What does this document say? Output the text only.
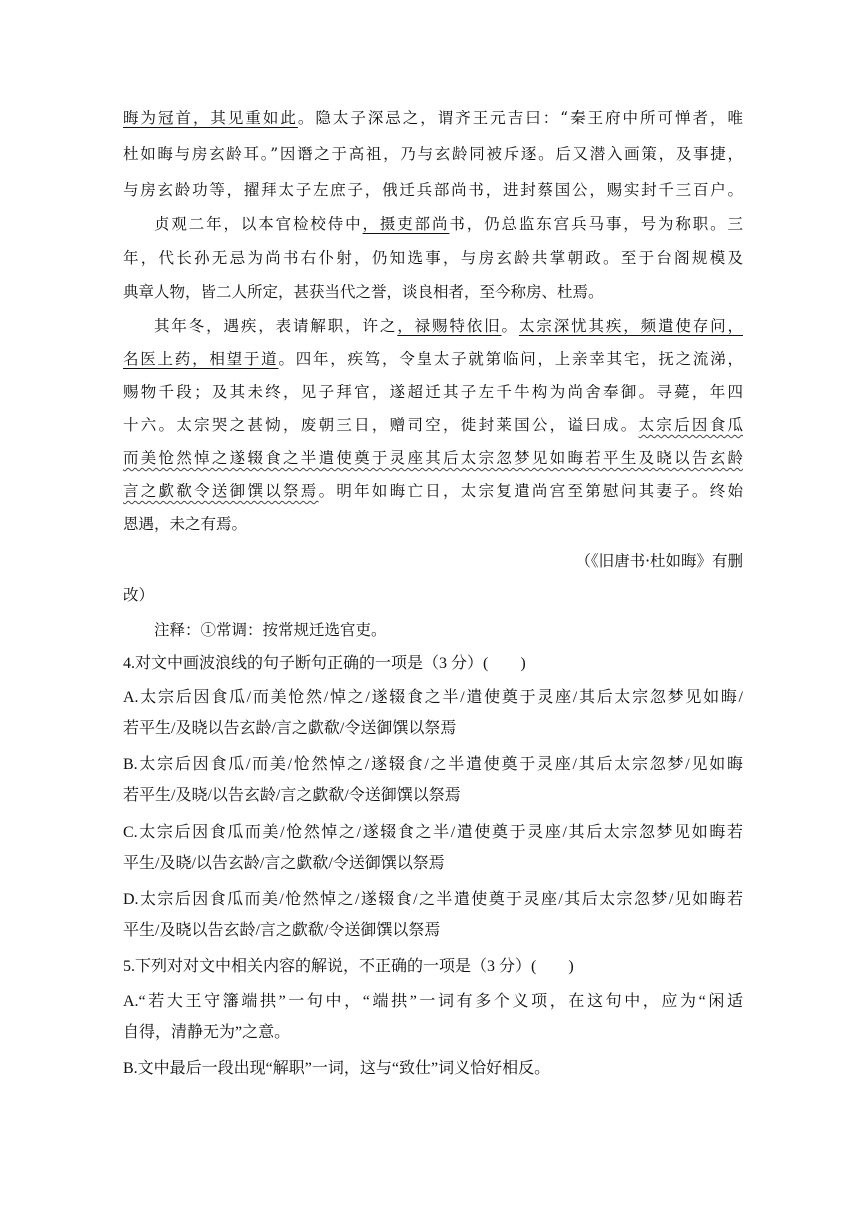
晦为冠首，其见重如此。隐太子深忌之，谓齐王元吉曰：“秦王府中所可惮者，唯
杜如晦与房玄龄耳。”因谮之于高祖，乃与玄龄同被斥逐。后又潜入画策，及事捷，
与房玄龄功等，擢拜太子左庶子，俄迁兵部尚书，进封蔡国公，赐实封千三百户。
贞观二年，以本官检校侍中，摄吏部尚书，仍总监东宫兵马事，号为称职。三
年，代长孙无忌为尚书右仆射，仍知选事，与房玄龄共掌朝政。至于台阁规模及
典章人物，皆二人所定，甚获当代之誉，谈良相者，至今称房、杜焉。
其年冬，遇疾，表请解职，许之，禄赐特依旧。太宗深忧其疾，频遣使存问，
名医上药，相望于道。四年，疾笃，令皇太子就第临问，上亲幸其宅，抚之流涕，
赐物千段；及其未终，见子拜官，遂超迁其子左千牛构为尚舍奉御。寻薨，年四
十六。太宗哭之甚恸，废朝三日，赠司空，徙封莱国公，谥曰成。太宗后因食瓜
而美怆然悼之遂辍食之半遣使奠于灵座其后太宗忽梦见如晦若平生及晓以告玄龄
言之歔欷令送御馔以祭焉。明年如晦亡日，太宗复遣尚宫至第慰问其妻子。终始
恩遇，未之有焉。
（《旧唐书·杜如晦》有删
改）
注释：①常调：按常规迁选官吏。
4.对文中画波浪线的句子断句正确的一项是（3 分）(　　)
A.太宗后因食瓜/而美怆然/悼之/遂辍食之半/遣使奠于灵座/其后太宗忽梦见如晦/
若平生/及晓以告玄龄/言之歔欷/令送御馔以祭焉
B.太宗后因食瓜/而美/怆然悼之/遂辍食/之半遣使奠于灵座/其后太宗忽梦/见如晦
若平生/及晓/以告玄龄/言之歔欷/令送御馔以祭焉
C.太宗后因食瓜而美/怆然悼之/遂辍食之半/遣使奠于灵座/其后太宗忽梦见如晦若
平生/及晓/以告玄龄/言之歔欷/令送御馔以祭焉
D.太宗后因食瓜而美/怆然悼之/遂辍食/之半遣使奠于灵座/其后太宗忽梦/见如晦若
平生/及晓以告玄龄/言之歔欷/令送御馔以祭焉
5.下列对对文中相关内容的解说，不正确的一项是（3 分）(　　)
A.“若大王守籓端拱”一句中，“端拱”一词有多个义项，在这句中，应为“闲适
自得，清静无为”之意。
B.文中最后一段出现“解职”一词，这与“致仕”词义恰好相反。
